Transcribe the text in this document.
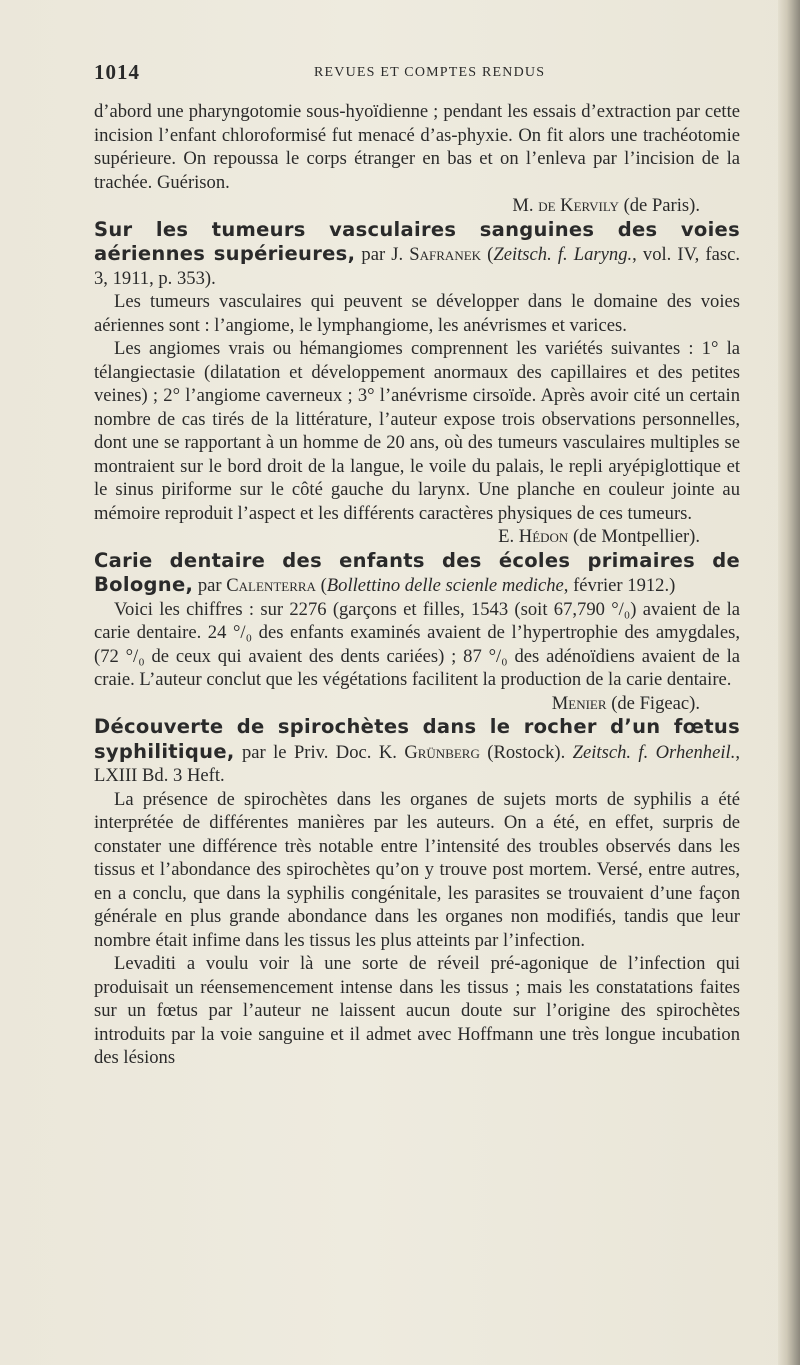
1014	REVUES ET COMPTES RENDUS

d’abord une pharyngotomie sous-hyoïdienne ; pendant les essais d’extraction par cette incision l’enfant chloroformisé fut menacé d’as-phyxie. On fit alors une trachéotomie supérieure. On repoussa le corps étranger en bas et on l’enleva par l’incision de la trachée. Guérison.

M. de Kervily (de Paris).

Sur les tumeurs vasculaires sanguines des voies aériennes supérieures, par J. Safranek (Zeitsch. f. Laryng., vol. IV, fasc. 3, 1911, p. 353).

Les tumeurs vasculaires qui peuvent se développer dans le domaine des voies aériennes sont : l’angiome, le lymphangiome, les anévrismes et varices.

Les angiomes vrais ou hémangiomes comprennent les variétés suivantes : 1° la télangiectasie (dilatation et développement anormaux des capillaires et des petites veines) ; 2° l’angiome caverneux ; 3° l’anévrisme cirsoïde. Après avoir cité un certain nombre de cas tirés de la littérature, l’auteur expose trois observations personnelles, dont une se rapportant à un homme de 20 ans, où des tumeurs vasculaires multiples se montraient sur le bord droit de la langue, le voile du palais, le repli aryépiglottique et le sinus piriforme sur le côté gauche du larynx. Une planche en couleur jointe au mémoire reproduit l’aspect et les différents caractères physiques de ces tumeurs.

E. Hédon (de Montpellier).

Carie dentaire des enfants des écoles primaires de Bologne, par Calenterra (Bollettino delle scienle mediche, février 1912.)

Voici les chiffres : sur 2276 (garçons et filles, 1543 (soit 67,790 °/₀) avaient de la carie dentaire. 24 °/₀ des enfants examinés avaient de l’hypertrophie des amygdales, (72 °/₀ de ceux qui avaient des dents cariées) ; 87 °/₀ des adénoïdiens avaient de la craie. L’auteur conclut que les végétations facilitent la production de la carie dentaire.

Menier (de Figeac).

Découverte de spirochètes dans le rocher d’un fœtus syphilitique, par le Priv. Doc. K. Grünberg (Rostock). Zeitsch. f. Orhenheil., LXIII Bd. 3 Heft.

La présence de spirochètes dans les organes de sujets morts de syphilis a été interprétée de différentes manières par les auteurs. On a été, en effet, surpris de constater une différence très notable entre l’intensité des troubles observés dans les tissus et l’abondance des spirochètes qu’on y trouve post mortem. Versé, entre autres, en a conclu, que dans la syphilis congénitale, les parasites se trouvaient d’une façon générale en plus grande abondance dans les organes non modifiés, tandis que leur nombre était infime dans les tissus les plus atteints par l’infection.

Levaditi a voulu voir là une sorte de réveil pré-agonique de l’infection qui produisait un réensemencement intense dans les tissus ; mais les constatations faites sur un fœtus par l’auteur ne laissent aucun doute sur l’origine des spirochètes introduits par la voie sanguine et il admet avec Hoffmann une très longue incubation des lésions
